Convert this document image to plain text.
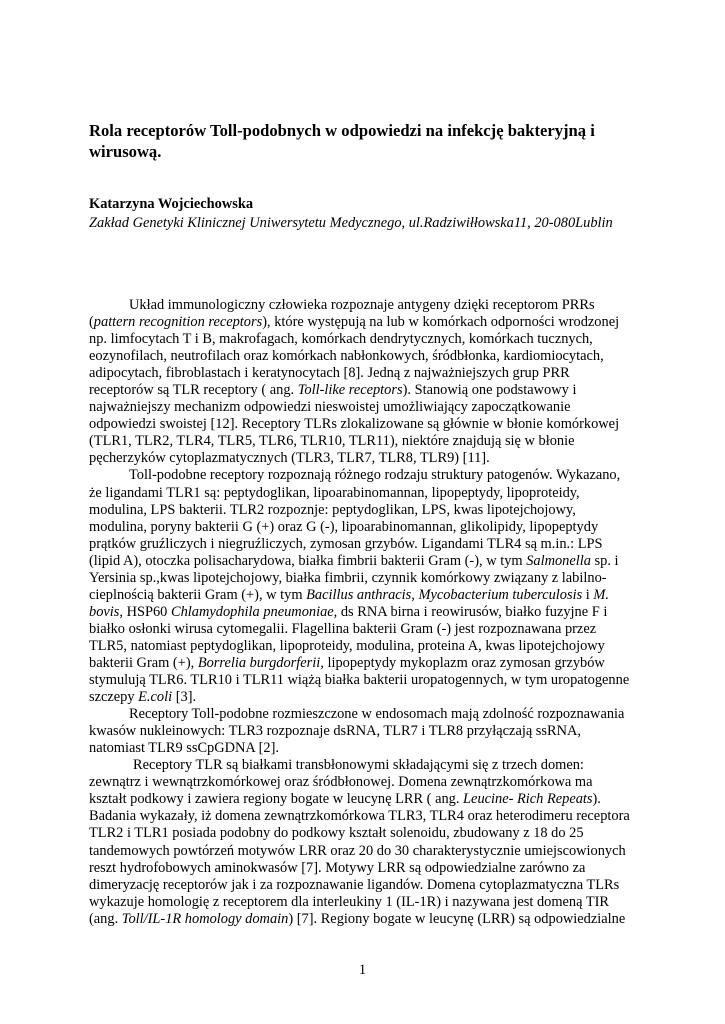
Rola receptorów Toll-podobnych w odpowiedzi na infekcję bakteryjną i wirusową.

Katarzyna Wojciechowska

Zakład Genetyki Klinicznej Uniwersytetu Medycznego, ul.Radziwiłłowska11, 20-080Lublin

Układ immunologiczny człowieka rozpoznaje antygeny dzięki receptorom PRRs
(pattern recognition receptors), które występują na lub w komórkach odporności wrodzonej
np. limfocytach T i B, makrofagach, komórkach dendrytycznych, komórkach tucznych,
eozynofilach, neutrofilach oraz komórkach nabłonkowych, śródbłonka, kardiomiocytach,
adipocytach, fibroblastach i keratynocytach [8]. Jedną z najważniejszych grup PRR
receptorów są TLR receptory ( ang. Toll-like receptors). Stanowią one podstawowy i
najważniejszy mechanizm odpowiedzi nieswoistej umożliwiający zapoczątkowanie
odpowiedzi swoistej [12]. Receptory TLRs zlokalizowane są głównie w błonie komórkowej
(TLR1, TLR2, TLR4, TLR5, TLR6, TLR10, TLR11), niektóre znajdują się w błonie
pęcherzyków cytoplazmatycznych (TLR3, TLR7, TLR8, TLR9) [11].
Toll-podobne receptory rozpoznają różnego rodzaju struktury patogenów. Wykazano,
że ligandami TLR1 są: peptydoglikan, lipoarabinomannan, lipopeptydy, lipoproteidy,
modulina, LPS bakterii. TLR2 rozpoznje: peptydoglikan, LPS, kwas lipotejchojowy,
modulina, poryny bakterii G (+) oraz G (-), lipoarabinomannan, glikolipidy, lipopeptydy
prątków gruźliczych i niegruźliczych, zymosan grzybów. Ligandami TLR4 są m.in.: LPS
(lipid A), otoczka polisacharydowa, białka fimbrii bakterii Gram (-), w tym Salmonella sp. i
Yersinia sp.,kwas lipotejchojowy, białka fimbrii, czynnik komórkowy związany z labilno-
cieplnością bakterii Gram (+), w tym Bacillus anthracis, Mycobacterium tuberculosis i M.
bovis, HSP60 Chlamydophila pneumoniae, ds RNA birna i reowirusów, białko fuzyjne F i
białko osłonki wirusa cytomegalii. Flagellina bakterii Gram (-) jest rozpoznawana przez
TLR5, natomiast peptydoglikan, lipoproteidy, modulina, proteina A, kwas lipotejchojowy
bakterii Gram (+), Borrelia burgdorferii, lipopeptydy mykoplazm oraz zymosan grzybów
stymulują TLR6. TLR10 i TLR11 wiążą białka bakterii uropatogennych, w tym uropatogenne
szczepy E.coli [3].
Receptory Toll-podobne rozmieszczone w endosomach mają zdolność rozpoznawania
kwasów nukleinowych: TLR3 rozpoznaje dsRNA, TLR7 i TLR8 przyłączają ssRNA,
natomiast TLR9 ssCpGDNA [2].
Receptory TLR są białkami transbłonowymi składającymi się z trzech domen:
zewnątrz i wewnątrzkomórkowej oraz śródbłonowej. Domena zewnątrzkomórkowa ma
kształt podkowy i zawiera regiony bogate w leucynę LRR ( ang. Leucine- Rich Repeats).
Badania wykazały, iż domena zewnątrzkomórkowa TLR3, TLR4 oraz heterodimeru receptora
TLR2 i TLR1 posiada podobny do podkowy kształt solenoidu, zbudowany z 18 do 25
tandemowych powtórzeń motywów LRR oraz 20 do 30 charakterystycznie umiejscowionych
reszt hydrofobowych aminokwasów [7]. Motywy LRR są odpowiedzialne zarówno za
dimeryzację receptorów jak i za rozpoznawanie ligandów. Domena cytoplazmatyczna TLRs
wykazuje homologię z receptorem dla interleukiny 1 (IL-1R) i nazywana jest domeną TIR
(ang. Toll/IL-1R homology domain) [7]. Regiony bogate w leucynę (LRR) są odpowiedzialne

1
